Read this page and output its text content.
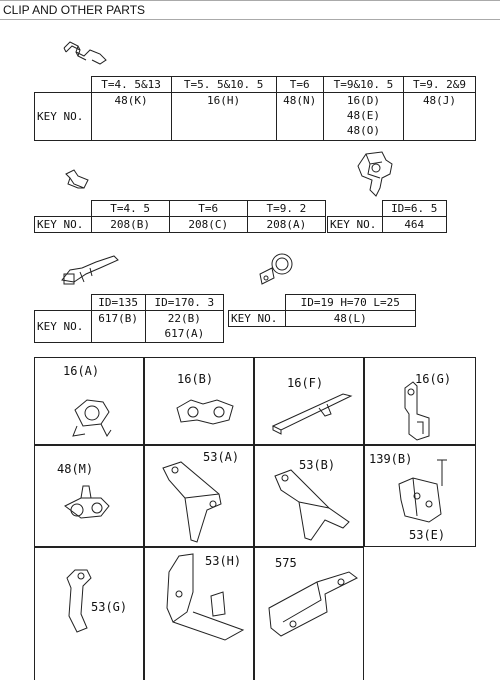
CLIP AND OTHER PARTS
	T=4. 5&13	T=5. 5&10. 5	T=6	T=9&10. 5	T=9. 2&9
KEY NO.	48(K)	16(H)	48(N)	16(D)
48(E)
48(O)	48(J)
	T=4. 5	T=6	T=9. 2
KEY NO.	208(B)	208(C)	208(A)
	ID=6. 5
KEY NO.	464
	ID=135	ID=170. 3
KEY NO.	617(B)	22(B)
617(A)
	ID=19 H=70 L=25
KEY NO.	48(L)
16(A)
16(B)	16(F)	16(G)
48(M)
53(A)
53(B)	139(B)
53(E)
53(G)
53(H)	575
